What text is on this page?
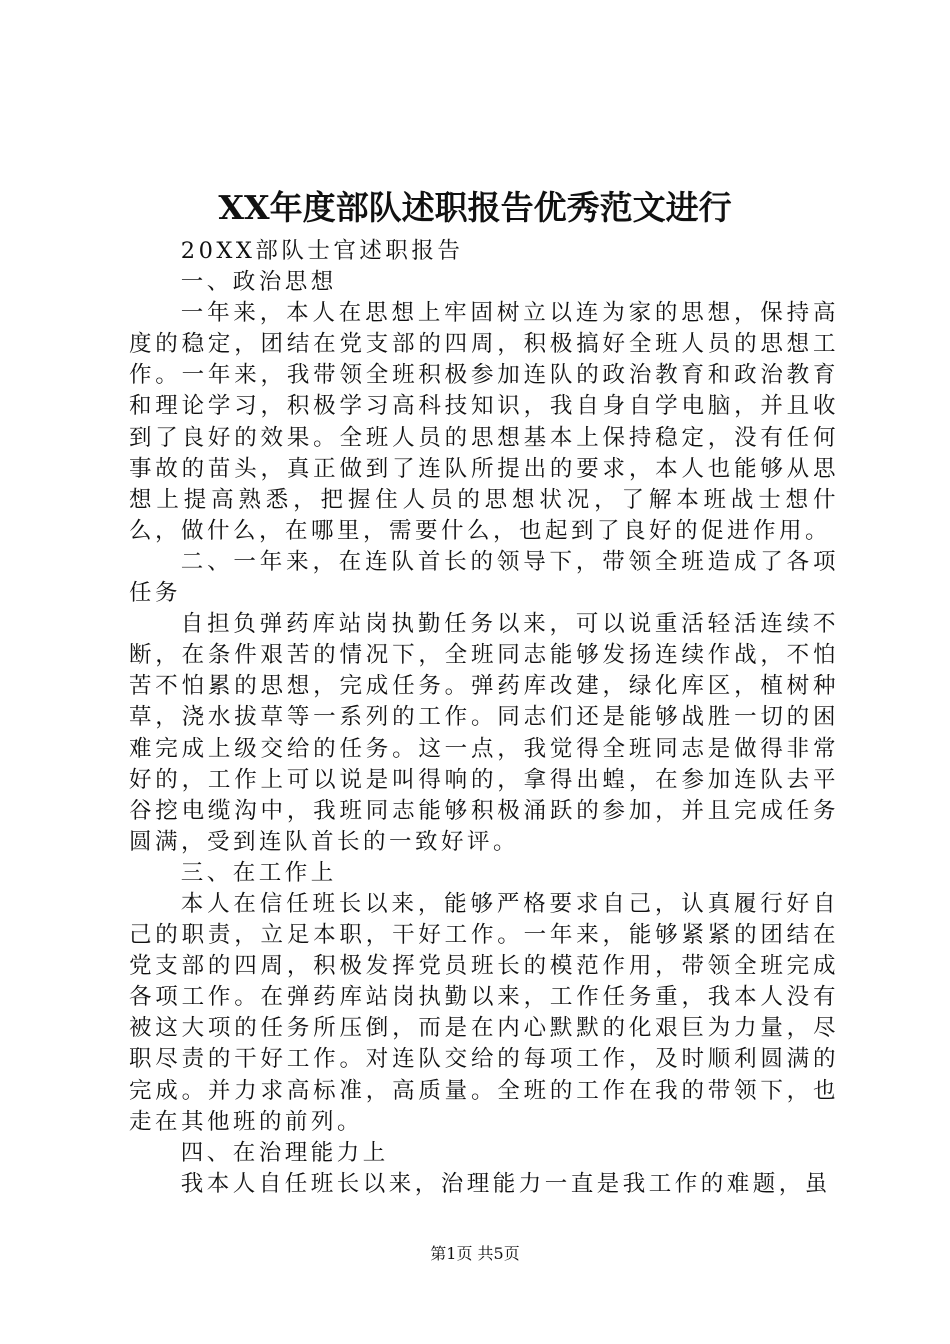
XX年度部队述职报告优秀范文进行

20XX部队士官述职报告

一、政治思想

一年来，本人在思想上牢固树立以连为家的思想，保持高度的稳定，团结在党支部的四周，积极搞好全班人员的思想工作。一年来，我带领全班积极参加连队的政治教育和政治教育和理论学习，积极学习高科技知识，我自身自学电脑，并且收到了良好的效果。全班人员的思想基本上保持稳定，没有任何事故的苗头，真正做到了连队所提出的要求，本人也能够从思想上提高熟悉，把握住人员的思想状况，了解本班战士想什么，做什么，在哪里，需要什么，也起到了良好的促进作用。

二、一年来，在连队首长的领导下，带领全班造成了各项任务

自担负弹药库站岗执勤任务以来，可以说重活轻活连续不断，在条件艰苦的情况下，全班同志能够发扬连续作战，不怕苦不怕累的思想，完成任务。弹药库改建，绿化库区，植树种草，浇水拔草等一系列的工作。同志们还是能够战胜一切的困难完成上级交给的任务。这一点，我觉得全班同志是做得非常好的，工作上可以说是叫得响的，拿得出蝗，在参加连队去平谷挖电缆沟中，我班同志能够积极涌跃的参加，并且完成任务圆满，受到连队首长的一致好评。

三、在工作上

本人在信任班长以来，能够严格要求自己，认真履行好自己的职责，立足本职，干好工作。一年来，能够紧紧的团结在党支部的四周，积极发挥党员班长的模范作用，带领全班完成各项工作。在弹药库站岗执勤以来，工作任务重，我本人没有被这大项的任务所压倒，而是在内心默默的化艰巨为力量，尽职尽责的干好工作。对连队交给的每项工作，及时顺利圆满的完成。并力求高标准，高质量。全班的工作在我的带领下，也走在其他班的前列。

四、在治理能力上

我本人自任班长以来，治理能力一直是我工作的难题，虽

第1页 共5页
